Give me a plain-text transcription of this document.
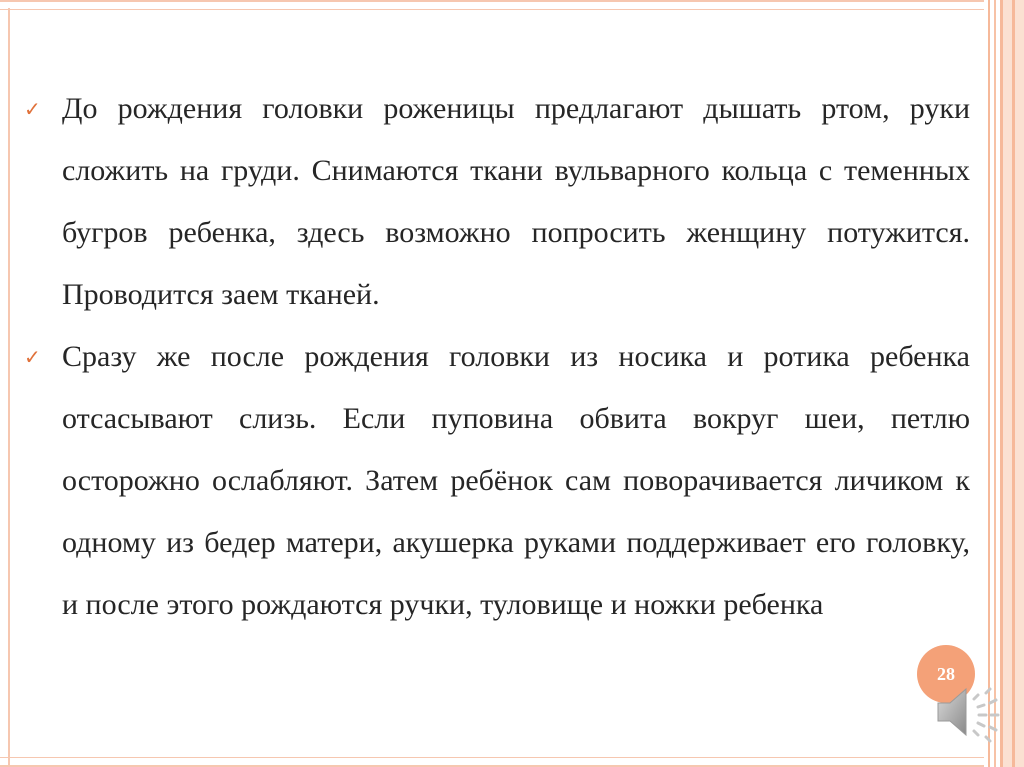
✓ До рождения головки роженицы предлагают дышать ртом, руки сложить на груди. Снимаются ткани вульварного кольца с теменных бугров ребенка, здесь возможно попросить женщину потужится. Проводится заем тканей.

✓ Сразу же после рождения головки из носика и ротика ребенка отсасывают слизь. Если пуповина обвита вокруг шеи, петлю осторожно ослабляют. Затем ребёнок сам поворачивается личиком к одному из бедер матери, акушерка руками поддерживает его головку, и после этого рождаются ручки, туловище и ножки ребенка

28
